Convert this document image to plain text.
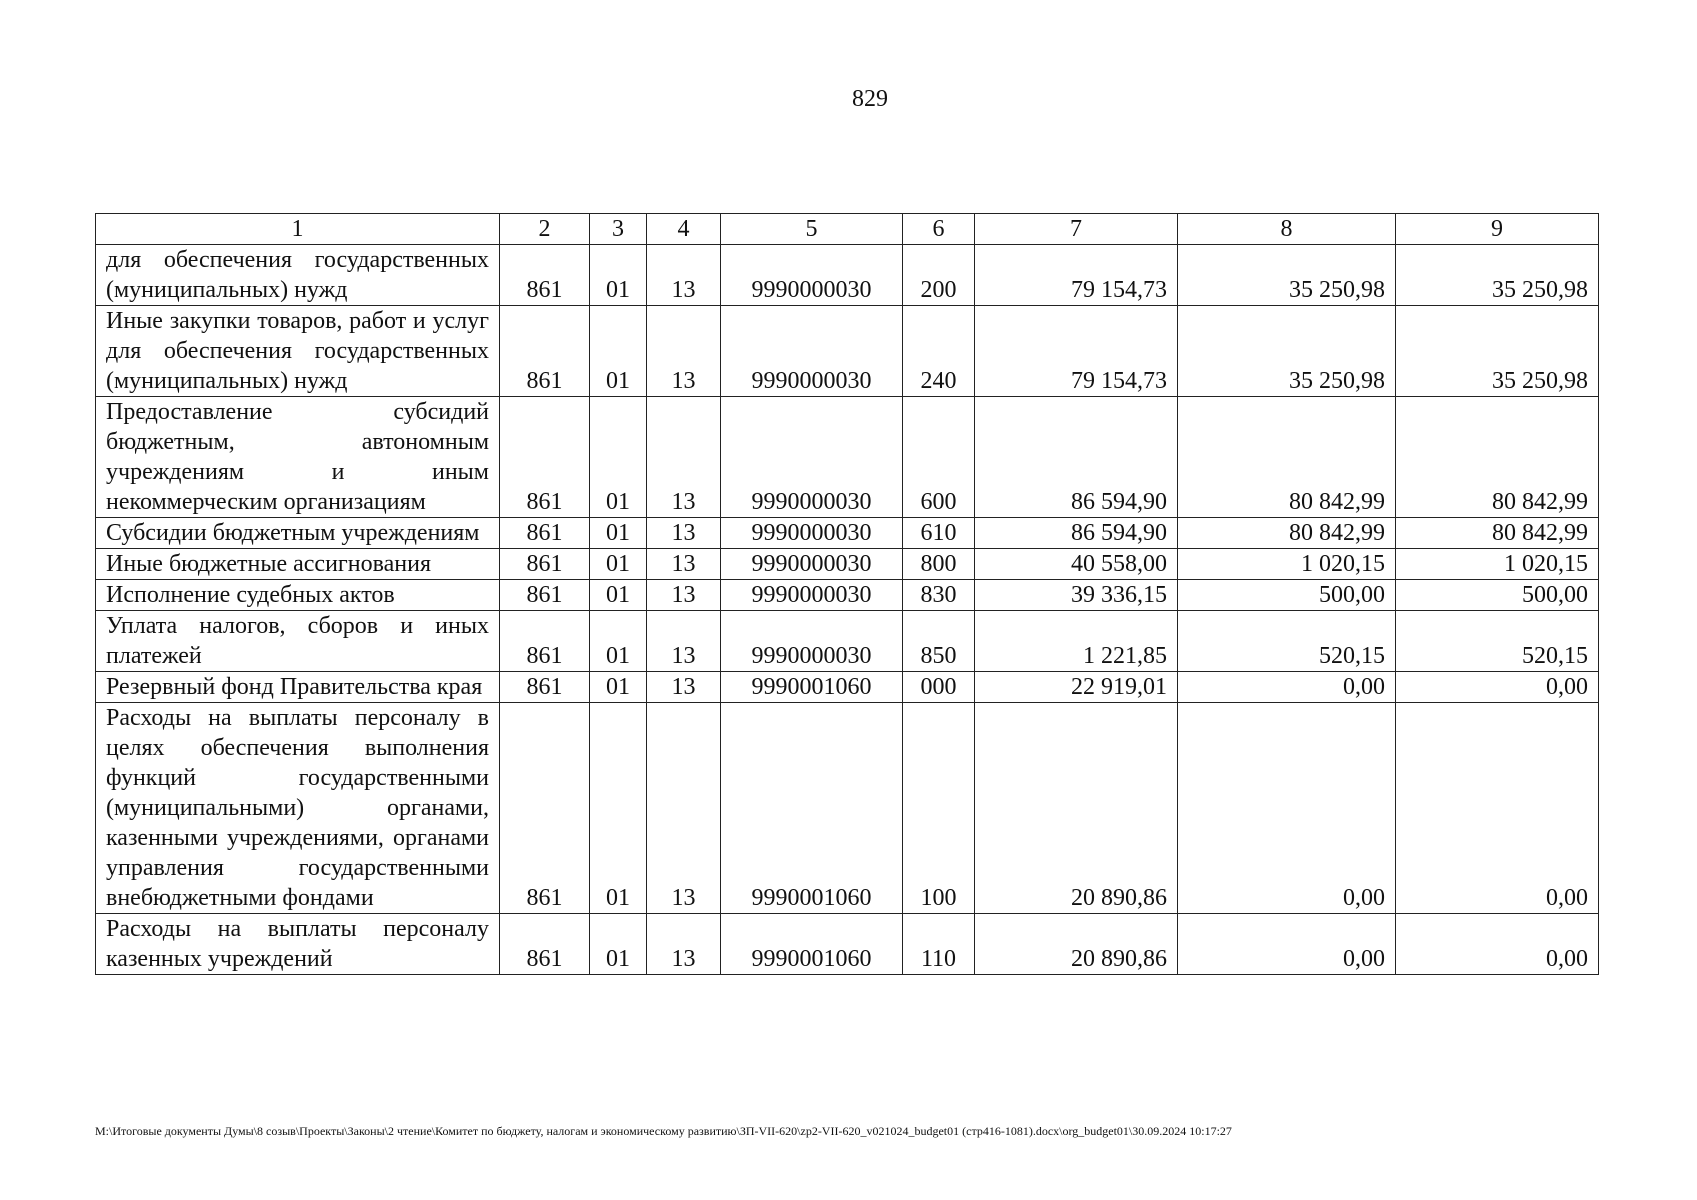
829
1	2	3	4	5	6	7	8	9
для обеспечения государственных (муниципальных) нужд	861	01	13	9990000030	200	79 154,73	35 250,98	35 250,98
Иные закупки товаров, работ и услуг для обеспечения государственных (муниципальных) нужд	861	01	13	9990000030	240	79 154,73	35 250,98	35 250,98
Предоставление субсидий бюджетным, автономным учреждениям и иным некоммерческим организациям	861	01	13	9990000030	600	86 594,90	80 842,99	80 842,99
Субсидии бюджетным учреждениям	861	01	13	9990000030	610	86 594,90	80 842,99	80 842,99
Иные бюджетные ассигнования	861	01	13	9990000030	800	40 558,00	1 020,15	1 020,15
Исполнение судебных актов	861	01	13	9990000030	830	39 336,15	500,00	500,00
Уплата налогов, сборов и иных платежей	861	01	13	9990000030	850	1 221,85	520,15	520,15
Резервный фонд Правительства края	861	01	13	9990001060	000	22 919,01	0,00	0,00
Расходы на выплаты персоналу в целях обеспечения выполнения функций государственными (муниципальными) органами, казенными учреждениями, органами управления государственными внебюджетными фондами	861	01	13	9990001060	100	20 890,86	0,00	0,00
Расходы на выплаты персоналу казенных учреждений	861	01	13	9990001060	110	20 890,86	0,00	0,00
M:\Итоговые документы Думы\8 созыв\Проекты\Законы\2 чтение\Комитет по бюджету, налогам и экономическому развитию\ЗП-VII-620\zp2-VII-620_v021024_budget01 (стр416-1081).docx\org_budget01\30.09.2024 10:17:27
